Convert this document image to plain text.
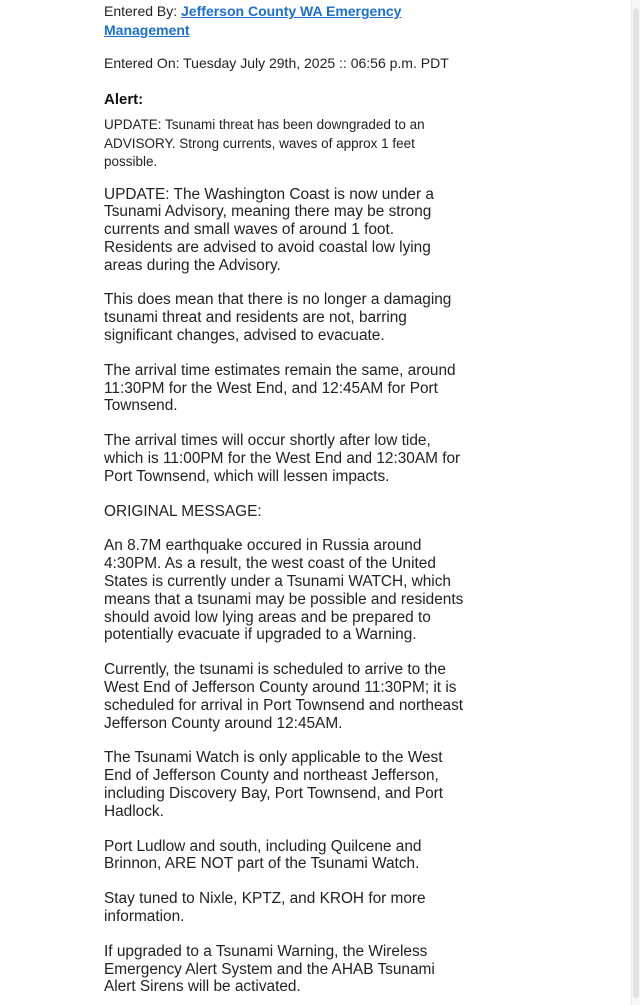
Entered By: Jefferson County WA Emergency Management
Entered On: Tuesday July 29th, 2025 :: 06:56 p.m. PDT
Alert:
UPDATE: Tsunami threat has been downgraded to an ADVISORY. Strong currents, waves of approx 1 feet possible.
UPDATE: The Washington Coast is now under a Tsunami Advisory, meaning there may be strong currents and small waves of around 1 foot. Residents are advised to avoid coastal low lying areas during the Advisory.
This does mean that there is no longer a damaging tsunami threat and residents are not, barring significant changes, advised to evacuate.
The arrival time estimates remain the same, around 11:30PM for the West End, and 12:45AM for Port Townsend.
The arrival times will occur shortly after low tide, which is 11:00PM for the West End and 12:30AM for Port Townsend, which will lessen impacts.
ORIGINAL MESSAGE:
An 8.7M earthquake occured in Russia around 4:30PM. As a result, the west coast of the United States is currently under a Tsunami WATCH, which means that a tsunami may be possible and residents should avoid low lying areas and be prepared to potentially evacuate if upgraded to a Warning.
Currently, the tsunami is scheduled to arrive to the West End of Jefferson County around 11:30PM; it is scheduled for arrival in Port Townsend and northeast Jefferson County around 12:45AM.
The Tsunami Watch is only applicable to the West End of Jefferson County and northeast Jefferson, including Discovery Bay, Port Townsend, and Port Hadlock.
Port Ludlow and south, including Quilcene and Brinnon, ARE NOT part of the Tsunami Watch.
Stay tuned to Nixle, KPTZ, and KROH for more information.
If upgraded to a Tsunami Warning, the Wireless Emergency Alert System and the AHAB Tsunami Alert Sirens will be activated.
